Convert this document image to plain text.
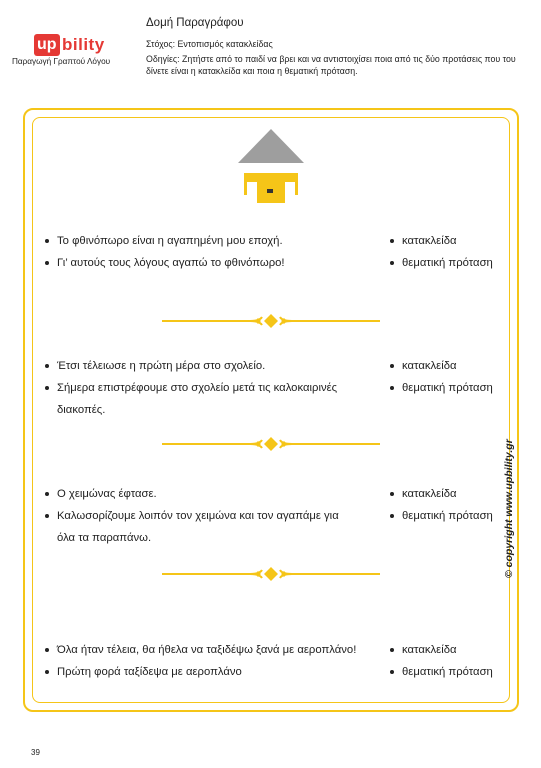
up bility
Παραγωγή Γραπτού Λόγου
Δομή Παραγράφου
Στόχος: Εντοπισμός κατακλείδας
Οδηγίες: Ζητήστε από το παιδί να βρει και να αντιστοιχίσει ποια από τις δύο προτάσεις που του δίνετε είναι η κατακλείδα και ποια η θεματική πρόταση.
Το φθινόπωρο είναι η αγαπημένη μου εποχή.
Γι’ αυτούς τους λόγους αγαπώ το φθινόπωρο!
κατακλείδα
θεματική πρόταση
Έτσι τέλειωσε η πρώτη μέρα στο σχολείο.
Σήμερα επιστρέφουμε στο σχολείο μετά τις καλοκαιρινές
διακοπές.
κατακλείδα
θεματική πρόταση
Ο χειμώνας έφτασε.
Καλωσορίζουμε λοιπόν τον χειμώνα και τον αγαπάμε για
όλα τα παραπάνω.
κατακλείδα
θεματική πρόταση
Όλα ήταν τέλεια, θα ήθελα να ταξιδέψω ξανά με αεροπλάνο!
Πρώτη φορά ταξίδεψα με αεροπλάνο
κατακλείδα
θεματική πρόταση
© copyright www.upbility.gr
39
